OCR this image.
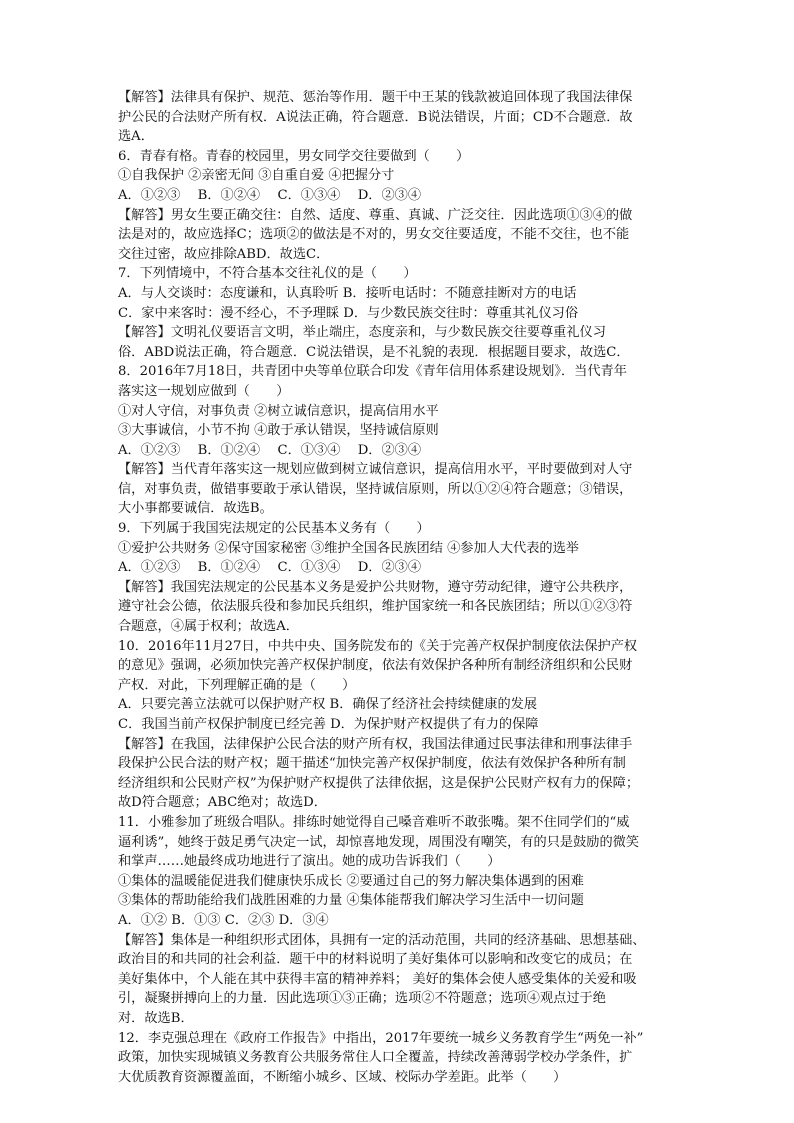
【解答】法律具有保护、规范、惩治等作用．题干中王某的钱款被追回体现了我国法律保
护公民的合法财产所有权．A说法正确，符合题意．B说法错误，片面；CD不合题意．故
选A．
6．青春有格。青春的校园里，男女同学交往要做到（　　）
①自我保护 ②亲密无间 ③自重自爱 ④把握分寸
A．①②③　 B．①②④　 C．①③④　 D．②③④
【解答】男女生要正确交往：自然、适度、尊重、真诚、广泛交往．因此选项①③④的做
法是对的，故应选择C；选项②的做法是不对的，男女交往要适度，不能不交往，也不能
交往过密，故应排除ABD．故选C．
7．下列情境中，不符合基本交往礼仪的是（　　）
A．与人交谈时：态度谦和，认真聆听 B．接听电话时：不随意挂断对方的电话
C．家中来客时：漫不经心，不予理睬 D．与少数民族交往时：尊重其礼仪习俗
【解答】文明礼仪要语言文明，举止端庄，态度亲和，与少数民族交往要尊重礼仪习
俗．ABD说法正确，符合题意．C说法错误，是不礼貌的表现．根据题目要求，故选C．
8．2016年7月18日，共青团中央等单位联合印发《青年信用体系建设规划》．当代青年
落实这一规划应做到（　　）
①对人守信，对事负责 ②树立诚信意识，提高信用水平
③大事诚信，小节不拘 ④敢于承认错误，坚持诚信原则
A．①②③　 B．①②④　 C．①③④　 D．②③④
【解答】当代青年落实这一规划应做到树立诚信意识，提高信用水平，平时要做到对人守
信，对事负责，做错事要敢于承认错误，坚持诚信原则，所以①②④符合题意；③错误，
大小事都要诚信．故选B。
9．下列属于我国宪法规定的公民基本义务有（　　）
①爱护公共财务 ②保守国家秘密 ③维护全国各民族团结 ④参加人大代表的选举
A．①②③　 B．①②④　 C．①③④　 D．②③④
【解答】我国宪法规定的公民基本义务是爱护公共财物，遵守劳动纪律，遵守公共秩序，
遵守社会公德，依法服兵役和参加民兵组织，维护国家统一和各民族团结；所以①②③符
合题意，④属于权利；故选A．
10．2016年11月27日，中共中央、国务院发布的《关于完善产权保护制度依法保护产权
的意见》强调，必须加快完善产权保护制度，依法有效保护各种所有制经济组织和公民财
产权．对此，下列理解正确的是（　　）
A．只要完善立法就可以保护财产权 B．确保了经济社会持续健康的发展
C．我国当前产权保护制度已经完善 D．为保护财产权提供了有力的保障
【解答】在我国，法律保护公民合法的财产所有权，我国法律通过民事法律和刑事法律手
段保护公民合法的财产权；题干描述“加快完善产权保护制度，依法有效保护各种所有制
经济组织和公民财产权”为保护财产权提供了法律依据，这是保护公民财产权有力的保障；
故D符合题意；ABC绝对；故选D．
11．小雅参加了班级合唱队。排练时她觉得自己嗓音难听不敢张嘴。架不住同学们的“威
逼利诱”，她终于鼓足勇气决定一试，却惊喜地发现，周围没有嘲笑，有的只是鼓励的微笑
和掌声……她最终成功地进行了演出。她的成功告诉我们（　　）
①集体的温暖能促进我们健康快乐成长 ②要通过自己的努力解决集体遇到的困难
③集体的帮助能给我们战胜困难的力量 ④集体能帮我们解决学习生活中一切问题
A．①② B．①③ C．②③ D．③④
【解答】集体是一种组织形式团体，具拥有一定的活动范围，共同的经济基础、思想基础、
政治目的和共同的社会利益．题干中的材料说明了美好集体可以影响和改变它的成员；在
美好集体中，个人能在其中获得丰富的精神养料； 美好的集体会使人感受集体的关爱和吸
引，凝聚拼搏向上的力量．因此选项①③正确；选项②不符题意；选项④观点过于绝
对．故选B．
12．李克强总理在《政府工作报告》中指出，2017年要统一城乡义务教育学生“两免一补”
政策，加快实现城镇义务教育公共服务常住人口全覆盖，持续改善薄弱学校办学条件，扩
大优质教育资源覆盖面，不断缩小城乡、区域、校际办学差距。此举（　　）
